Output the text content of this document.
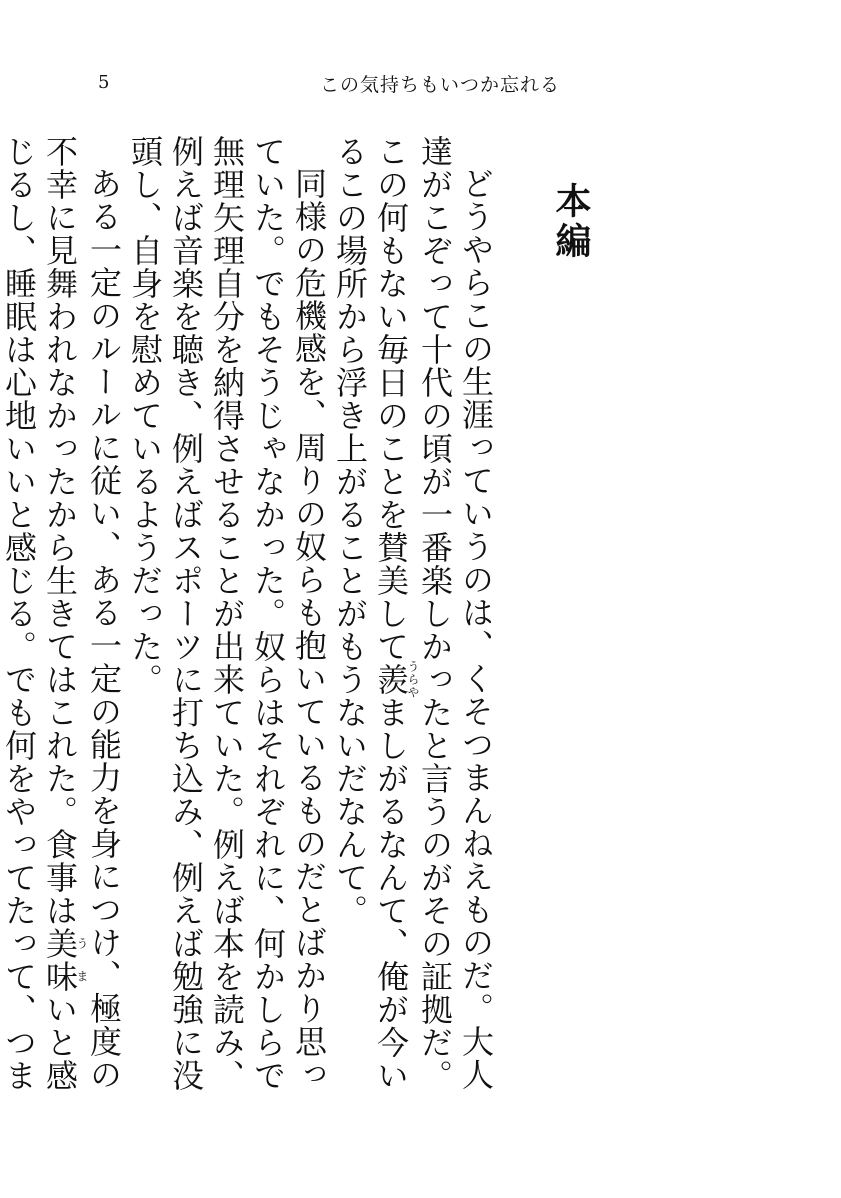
5	この気持ちもいつか忘れる
本編

どうやらこの生涯っていうのは、くそつまんねえものだ。大人達がこぞって十代の頃が一番楽しかったと言うのがその証拠だ。この何もない毎日のことを賛美して羨うらやましがるなんて、俺が今いるこの場所から浮き上がることがもうないだなんて。

同様の危機感を、周りの奴らも抱いているものだとばかり思っていた。でもそうじゃなかった。奴らはそれぞれに、何かしらで無理矢理自分を納得させることが出来ていた。例えば本を読み、例えば音楽を聴き、例えばスポーツに打ち込み、例えば勉強に没頭し、自身を慰めているようだった。

ある一定のルールに従い、ある一定の能力を身につけ、極度の不幸に見舞われなかったから生きてはこれた。食事は美味うまいと感じるし、睡眠は心地いいと感じる。でも何をやってたって、つま
